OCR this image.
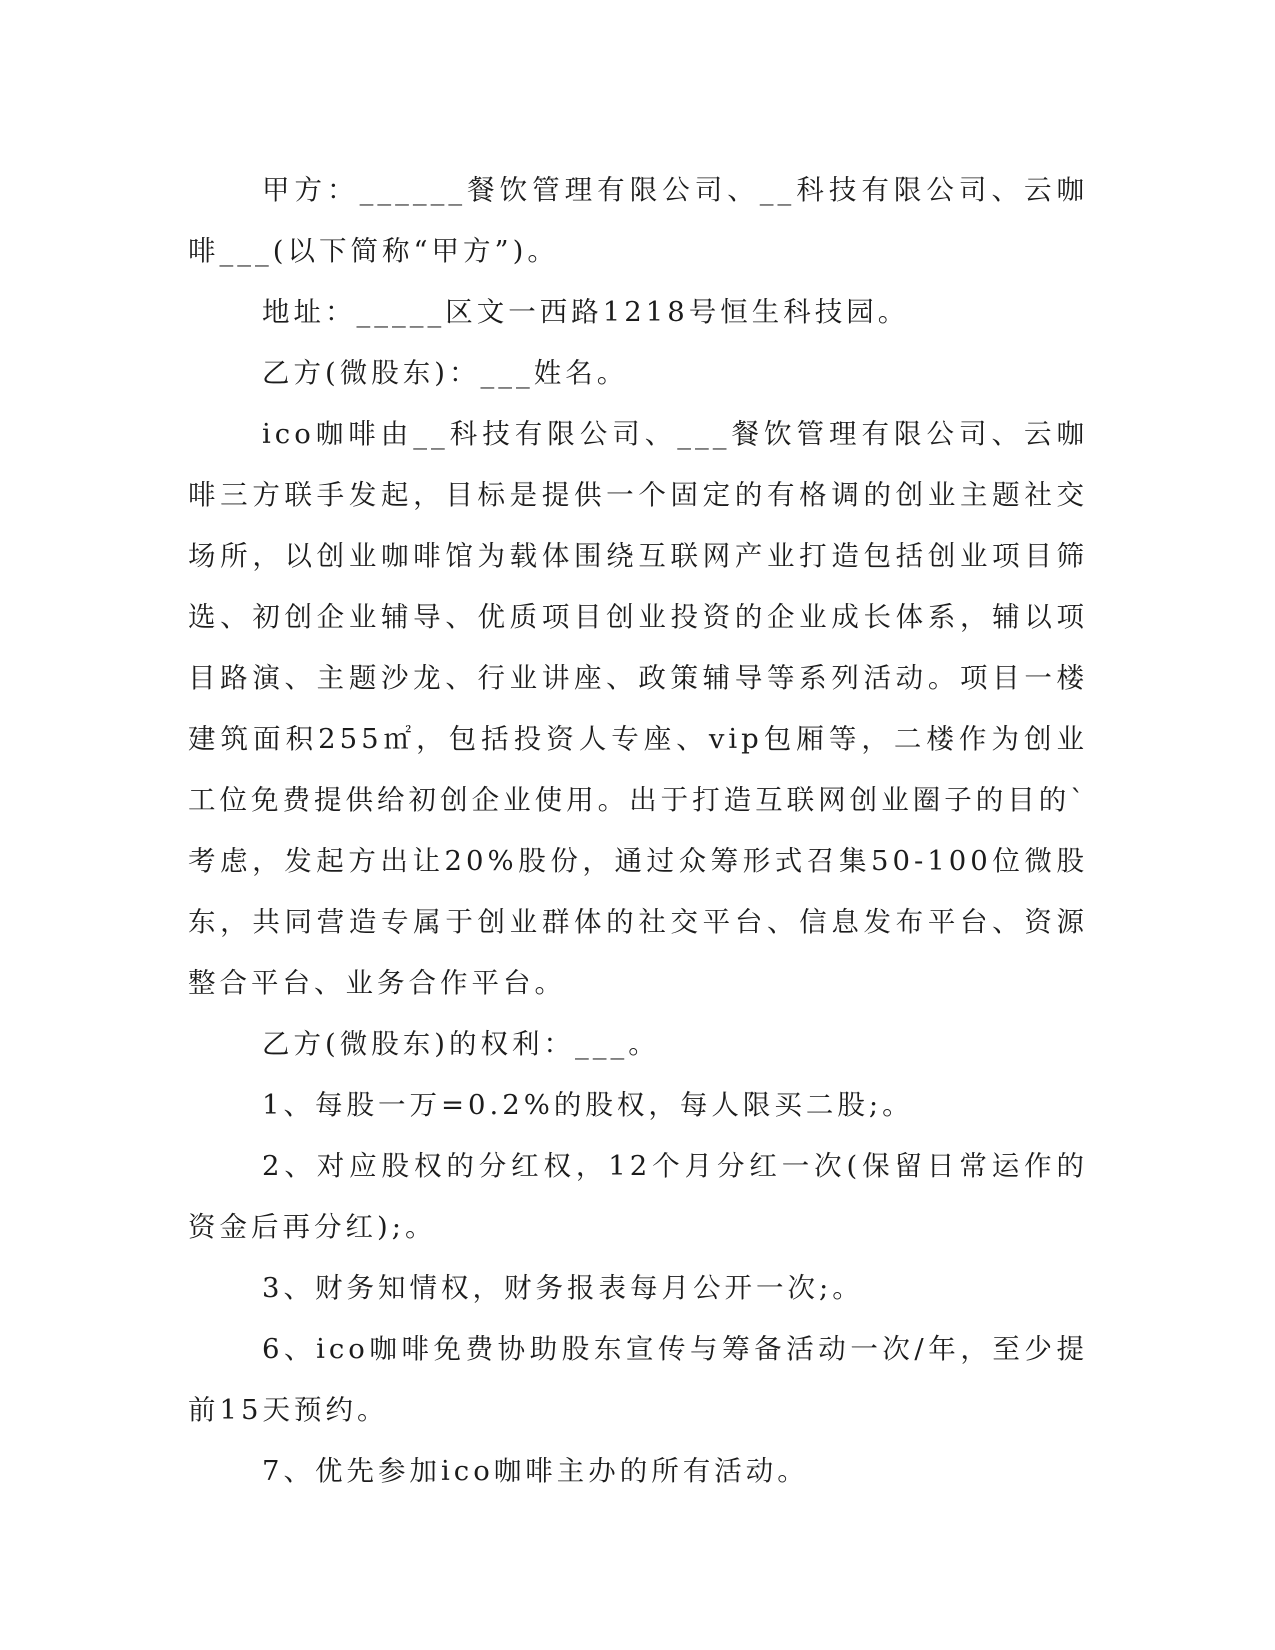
甲方：______餐饮管理有限公司、__科技有限公司、云咖啡___(以下简称“甲方”)。

地址：_____区文一西路1218号恒生科技园。

乙方(微股东)：___姓名。

ico咖啡由__科技有限公司、___餐饮管理有限公司、云咖啡三方联手发起，目标是提供一个固定的有格调的创业主题社交场所，以创业咖啡馆为载体围绕互联网产业打造包括创业项目筛选、初创企业辅导、优质项目创业投资的企业成长体系，辅以项目路演、主题沙龙、行业讲座、政策辅导等系列活动。项目一楼建筑面积255㎡，包括投资人专座、vip包厢等，二楼作为创业工位免费提供给初创企业使用。出于打造互联网创业圈子的目的`考虑，发起方出让20%股份，通过众筹形式召集50-100位微股东，共同营造专属于创业群体的社交平台、信息发布平台、资源整合平台、业务合作平台。

乙方(微股东)的权利：___。

1、每股一万=0.2%的股权，每人限买二股;。

2、对应股权的分红权，12个月分红一次(保留日常运作的资金后再分红);。

3、财务知情权，财务报表每月公开一次;。

6、ico咖啡免费协助股东宣传与筹备活动一次/年，至少提前15天预约。

7、优先参加ico咖啡主办的所有活动。
